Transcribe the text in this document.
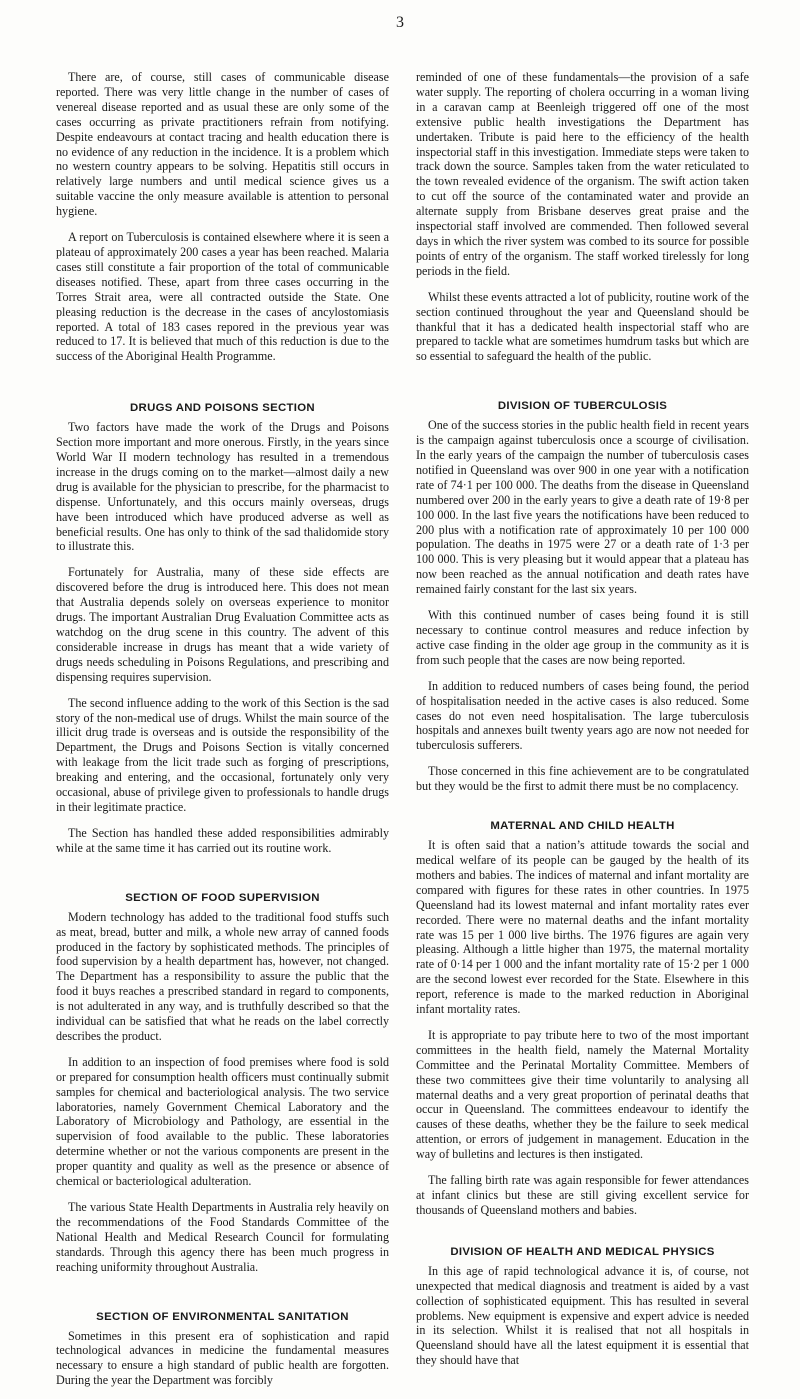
3

There are, of course, still cases of communicable disease reported. There was very little change in the number of cases of venereal disease reported and as usual these are only some of the cases occurring as private practitioners refrain from notifying. Despite endeavours at contact tracing and health education there is no evidence of any reduction in the incidence. It is a problem which no western country appears to be solving. Hepatitis still occurs in relatively large numbers and until medical science gives us a suitable vaccine the only measure available is attention to personal hygiene.

A report on Tuberculosis is contained elsewhere where it is seen a plateau of approximately 200 cases a year has been reached. Malaria cases still constitute a fair proportion of the total of communicable diseases notified. These, apart from three cases occurring in the Torres Strait area, were all contracted outside the State. One pleasing reduction is the decrease in the cases of ancylostomiasis reported. A total of 183 cases repored in the previous year was reduced to 17. It is believed that much of this reduction is due to the success of the Aboriginal Health Programme.

DRUGS AND POISONS SECTION

Two factors have made the work of the Drugs and Poisons Section more important and more onerous. Firstly, in the years since World War II modern technology has resulted in a tremendous increase in the drugs coming on to the market—almost daily a new drug is available for the physician to prescribe, for the pharmacist to dispense. Unfortunately, and this occurs mainly overseas, drugs have been introduced which have produced adverse as well as beneficial results. One has only to think of the sad thalidomide story to illustrate this.

Fortunately for Australia, many of these side effects are discovered before the drug is introduced here. This does not mean that Australia depends solely on overseas experience to monitor drugs. The important Australian Drug Evaluation Committee acts as watchdog on the drug scene in this country. The advent of this considerable increase in drugs has meant that a wide variety of drugs needs scheduling in Poisons Regulations, and prescribing and dispensing requires supervision.

The second influence adding to the work of this Section is the sad story of the non-medical use of drugs. Whilst the main source of the illicit drug trade is overseas and is outside the responsibility of the Department, the Drugs and Poisons Section is vitally concerned with leakage from the licit trade such as forging of prescriptions, breaking and entering, and the occasional, fortunately only very occasional, abuse of privilege given to professionals to handle drugs in their legitimate practice.

The Section has handled these added responsibilities admirably while at the same time it has carried out its routine work.

SECTION OF FOOD SUPERVISION

Modern technology has added to the traditional food stuffs such as meat, bread, butter and milk, a whole new array of canned foods produced in the factory by sophisticated methods. The principles of food supervision by a health department has, however, not changed. The Department has a responsibility to assure the public that the food it buys reaches a prescribed standard in regard to components, is not adulterated in any way, and is truthfully described so that the individual can be satisfied that what he reads on the label correctly describes the product.

In addition to an inspection of food premises where food is sold or prepared for consumption health officers must continually submit samples for chemical and bacteriological analysis. The two service laboratories, namely Government Chemical Laboratory and the Laboratory of Microbiology and Pathology, are essential in the supervision of food available to the public. These laboratories determine whether or not the various components are present in the proper quantity and quality as well as the presence or absence of chemical or bacteriological adulteration.

The various State Health Departments in Australia rely heavily on the recommendations of the Food Standards Committee of the National Health and Medical Research Council for formulating standards. Through this agency there has been much progress in reaching uniformity throughout Australia.

SECTION OF ENVIRONMENTAL SANITATION

Sometimes in this present era of sophistication and rapid technological advances in medicine the fundamental measures necessary to ensure a high standard of public health are forgotten. During the year the Department was forcibly

reminded of one of these fundamentals—the provision of a safe water supply. The reporting of cholera occurring in a woman living in a caravan camp at Beenleigh triggered off one of the most extensive public health investigations the Department has undertaken. Tribute is paid here to the efficiency of the health inspectorial staff in this investigation. Immediate steps were taken to track down the source. Samples taken from the water reticulated to the town revealed evidence of the organism. The swift action taken to cut off the source of the contaminated water and provide an alternate supply from Brisbane deserves great praise and the inspectorial staff involved are commended. Then followed several days in which the river system was combed to its source for possible points of entry of the organism. The staff worked tirelessly for long periods in the field.

Whilst these events attracted a lot of publicity, routine work of the section continued throughout the year and Queensland should be thankful that it has a dedicated health inspectorial staff who are prepared to tackle what are sometimes humdrum tasks but which are so essential to safeguard the health of the public.

DIVISION OF TUBERCULOSIS

One of the success stories in the public health field in recent years is the campaign against tuberculosis once a scourge of civilisation. In the early years of the campaign the number of tuberculosis cases notified in Queensland was over 900 in one year with a notification rate of 74·1 per 100 000. The deaths from the disease in Queensland numbered over 200 in the early years to give a death rate of 19·8 per 100 000. In the last five years the notifications have been reduced to 200 plus with a notification rate of approximately 10 per 100 000 population. The deaths in 1975 were 27 or a death rate of 1·3 per 100 000. This is very pleasing but it would appear that a plateau has now been reached as the annual notification and death rates have remained fairly constant for the last six years.

With this continued number of cases being found it is still necessary to continue control measures and reduce infection by active case finding in the older age group in the community as it is from such people that the cases are now being reported.

In addition to reduced numbers of cases being found, the period of hospitalisation needed in the active cases is also reduced. Some cases do not even need hospitalisation. The large tuberculosis hospitals and annexes built twenty years ago are now not needed for tuberculosis sufferers.

Those concerned in this fine achievement are to be congratulated but they would be the first to admit there must be no complacency.

MATERNAL AND CHILD HEALTH

It is often said that a nation’s attitude towards the social and medical welfare of its people can be gauged by the health of its mothers and babies. The indices of maternal and infant mortality are compared with figures for these rates in other countries. In 1975 Queensland had its lowest maternal and infant mortality rates ever recorded. There were no maternal deaths and the infant mortality rate was 15 per 1 000 live births. The 1976 figures are again very pleasing. Although a little higher than 1975, the maternal mortality rate of 0·14 per 1 000 and the infant mortality rate of 15·2 per 1 000 are the second lowest ever recorded for the State. Elsewhere in this report, reference is made to the marked reduction in Aboriginal infant mortality rates.

It is appropriate to pay tribute here to two of the most important committees in the health field, namely the Maternal Mortality Committee and the Perinatal Mortality Committee. Members of these two committees give their time voluntarily to analysing all maternal deaths and a very great proportion of perinatal deaths that occur in Queensland. The committees endeavour to identify the causes of these deaths, whether they be the failure to seek medical attention, or errors of judgement in management. Education in the way of bulletins and lectures is then instigated.

The falling birth rate was again responsible for fewer attendances at infant clinics but these are still giving excellent service for thousands of Queensland mothers and babies.

DIVISION OF HEALTH AND MEDICAL PHYSICS

In this age of rapid technological advance it is, of course, not unexpected that medical diagnosis and treatment is aided by a vast collection of sophisticated equipment. This has resulted in several problems. New equipment is expensive and expert advice is needed in its selection. Whilst it is realised that not all hospitals in Queensland should have all the latest equipment it is essential that they should have that
